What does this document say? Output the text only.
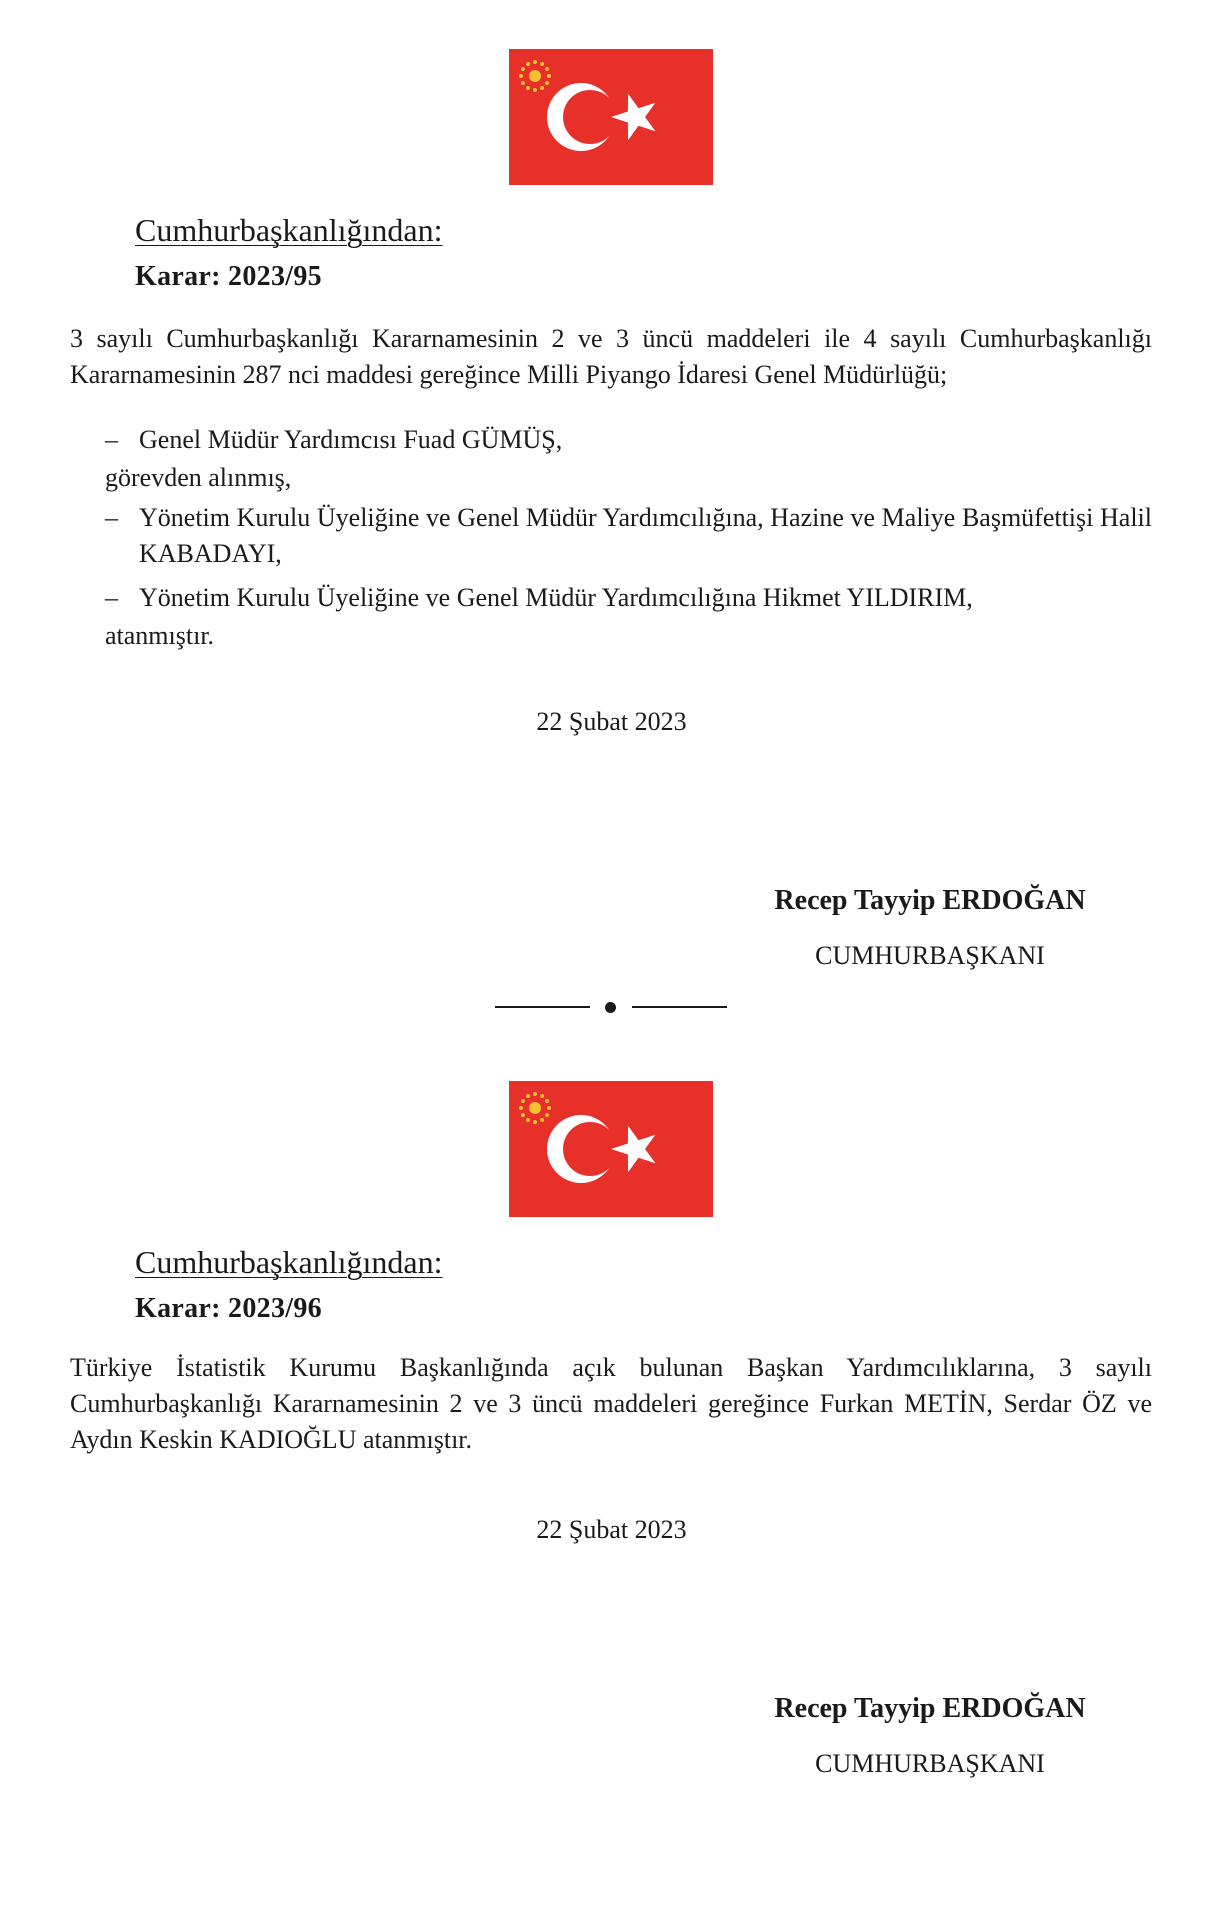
Cumhurbaşkanlığından:
Karar: 2023/95
3 sayılı Cumhurbaşkanlığı Kararnamesinin 2 ve 3 üncü maddeleri ile 4 sayılı Cumhurbaşkanlığı Kararnamesinin 287 nci maddesi gereğince Milli Piyango İdaresi Genel Müdürlüğü;
– Genel Müdür Yardımcısı Fuad GÜMÜŞ,
görevden alınmış,
– Yönetim Kurulu Üyeliğine ve Genel Müdür Yardımcılığına, Hazine ve Maliye Başmüfettişi Halil KABADAYI,
– Yönetim Kurulu Üyeliğine ve Genel Müdür Yardımcılığına Hikmet YILDIRIM,
atanmıştır.
22 Şubat 2023
Recep Tayyip ERDOĞAN
CUMHURBAŞKANI
Cumhurbaşkanlığından:
Karar: 2023/96
Türkiye İstatistik Kurumu Başkanlığında açık bulunan Başkan Yardımcılıklarına, 3 sayılı Cumhurbaşkanlığı Kararnamesinin 2 ve 3 üncü maddeleri gereğince Furkan METİN, Serdar ÖZ ve Aydın Keskin KADIOĞLU atanmıştır.
22 Şubat 2023
Recep Tayyip ERDOĞAN
CUMHURBAŞKANI
